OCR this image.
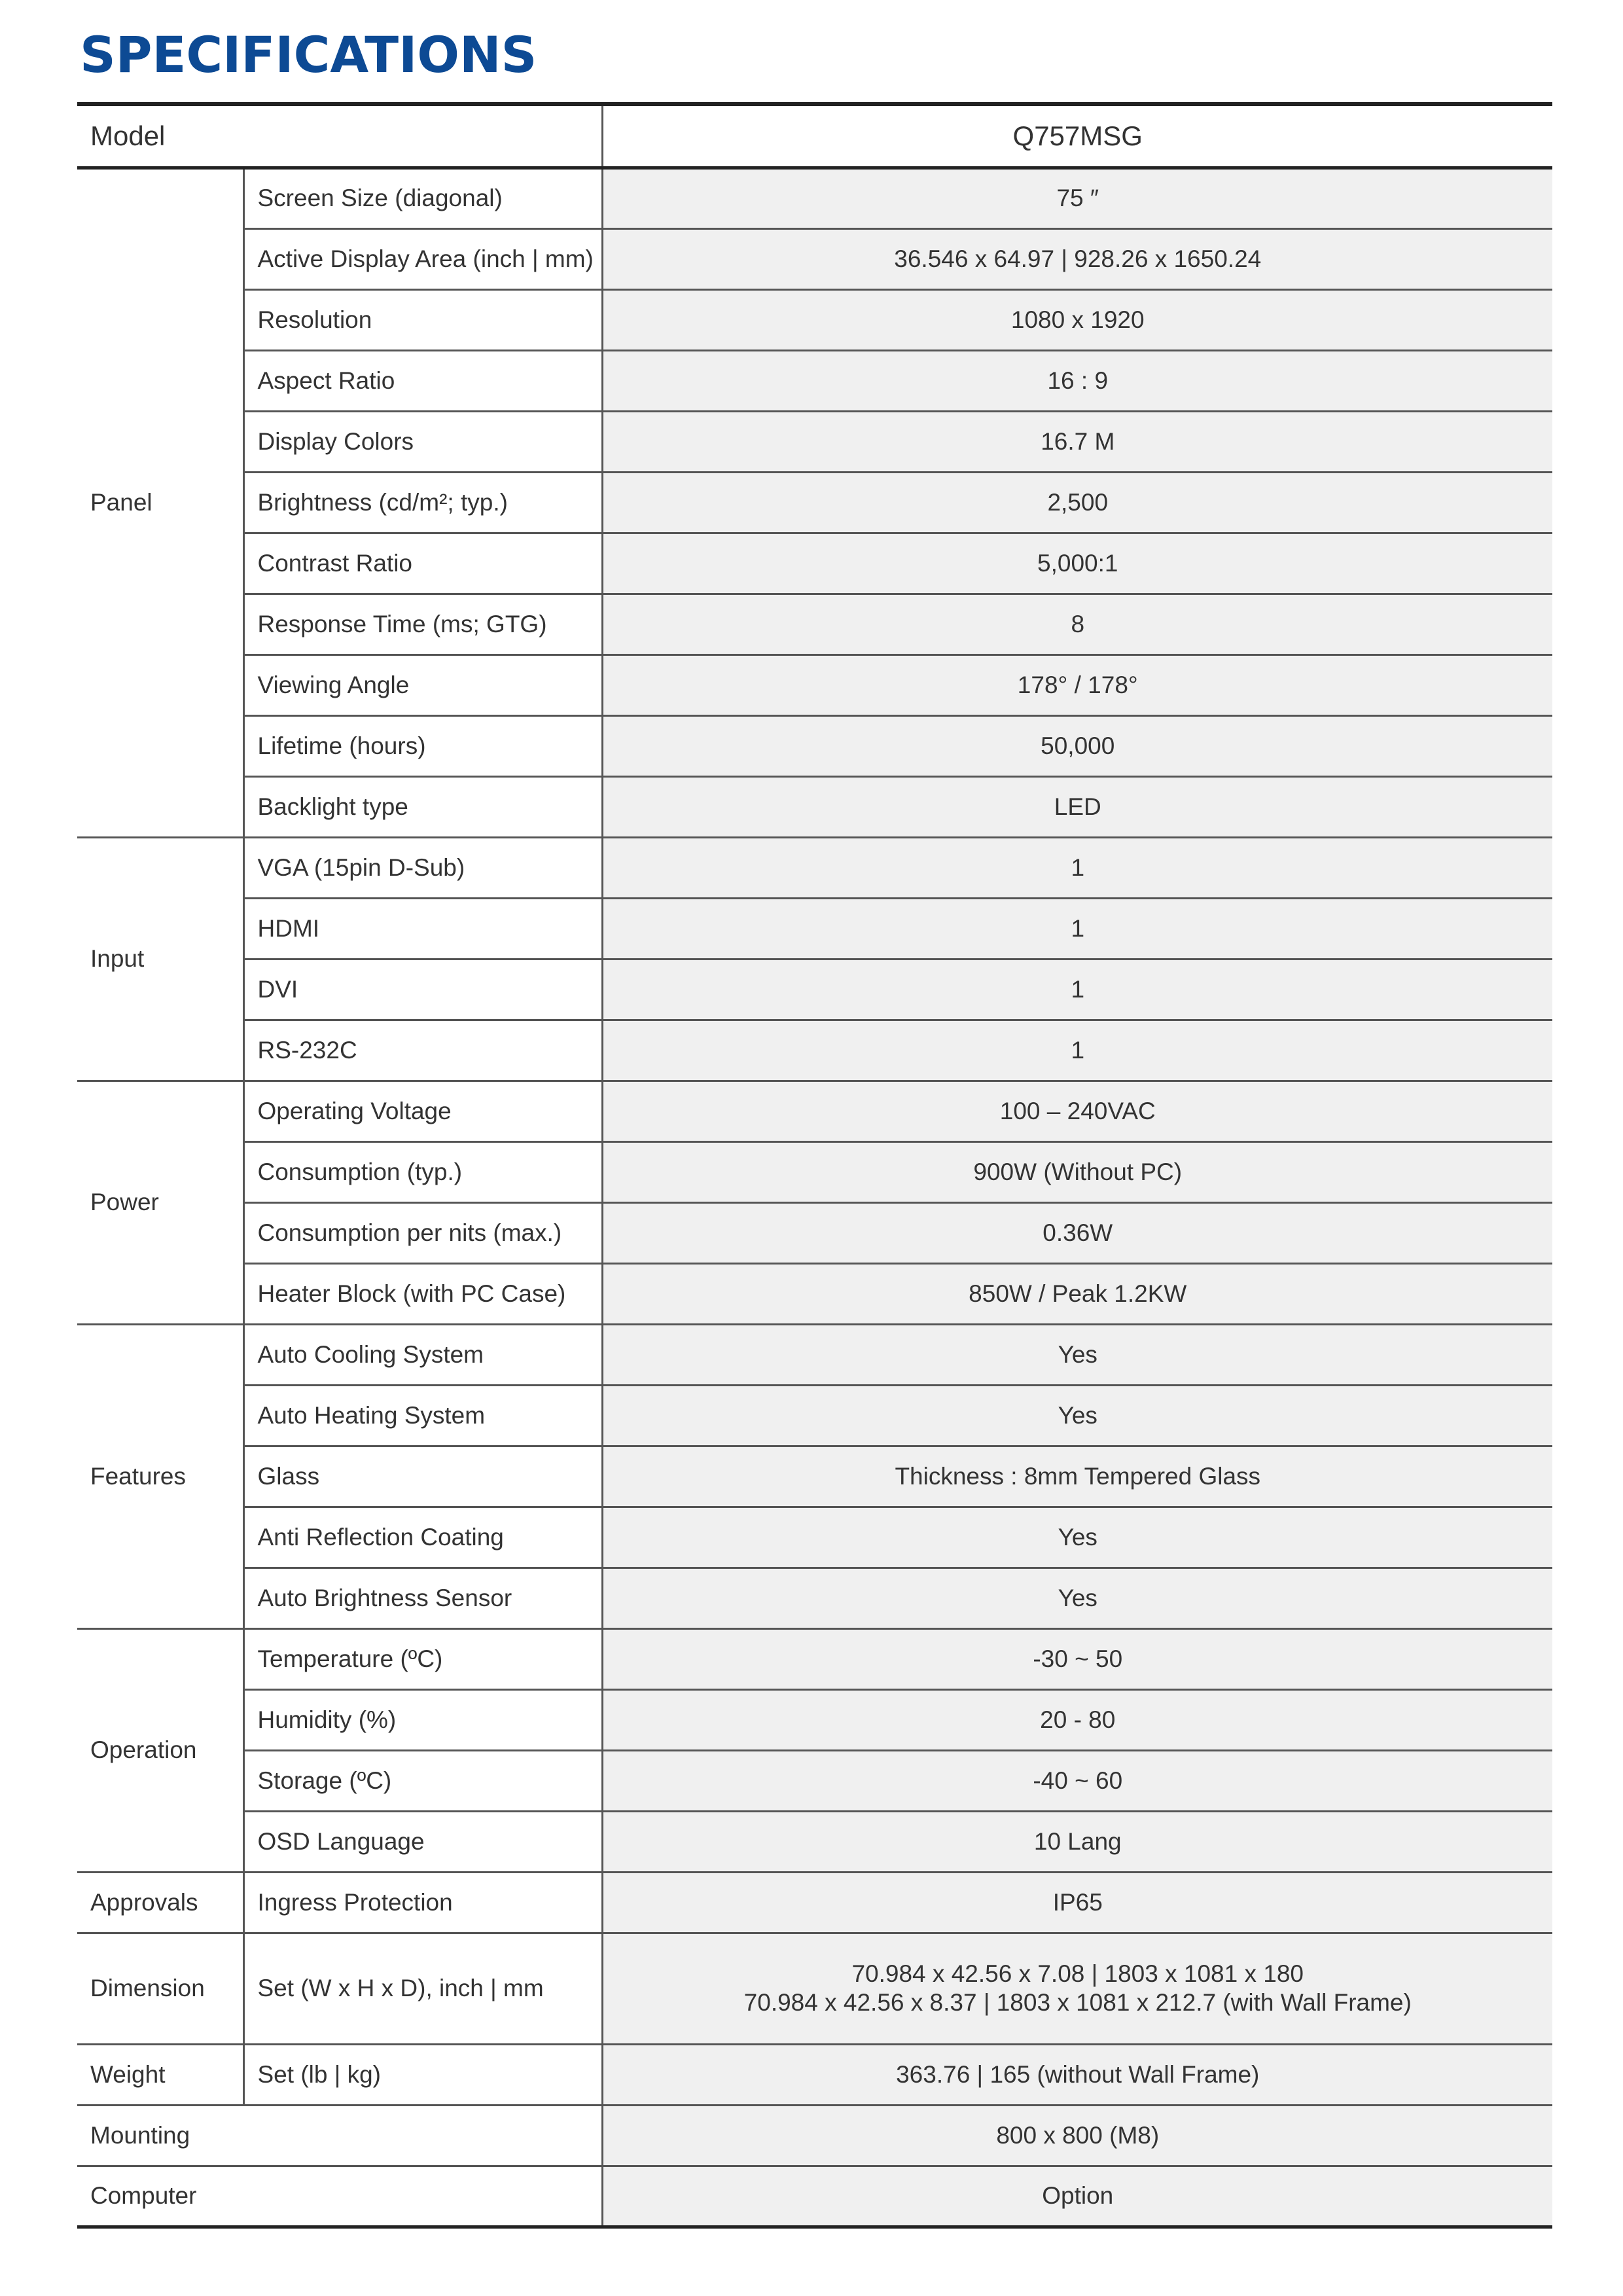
SPECIFICATIONS
Model		Q757MSG
Panel	Screen Size (diagonal)	75 ″
	Active Display Area (inch | mm)	36.546 x 64.97 | 928.26 x 1650.24
	Resolution	1080 x 1920
	Aspect Ratio	16 : 9
	Display Colors	16.7 M
	Brightness (cd/m²; typ.)	2,500
	Contrast Ratio	5,000:1
	Response Time (ms; GTG)	8
	Viewing Angle	178° / 178°
	Lifetime (hours)	50,000
	Backlight type	LED
Input	VGA (15pin D-Sub)	1
	HDMI	1
	DVI	1
	RS-232C	1
Power	Operating Voltage	100 – 240VAC
	Consumption (typ.)	900W (Without PC)
	Consumption per nits (max.)	0.36W
	Heater Block (with PC Case)	850W / Peak 1.2KW
Features	Auto Cooling System	Yes
	Auto Heating System	Yes
	Glass	Thickness : 8mm Tempered Glass
	Anti Reflection Coating	Yes
	Auto Brightness Sensor	Yes
Operation	Temperature (ºC)	-30 ~ 50
	Humidity (%)	20 - 80
	Storage (ºC)	-40 ~ 60
	OSD Language	10 Lang
Approvals	Ingress Protection	IP65
Dimension	Set (W x H x D), inch | mm	70.984 x 42.56 x 7.08 | 1803 x 1081 x 180
70.984 x 42.56 x 8.37 | 1803 x 1081 x 212.7 (with Wall Frame)

Weight	Set (lb | kg)	363.76 | 165 (without Wall Frame)
Mounting		800 x 800 (M8)
Computer		Option
